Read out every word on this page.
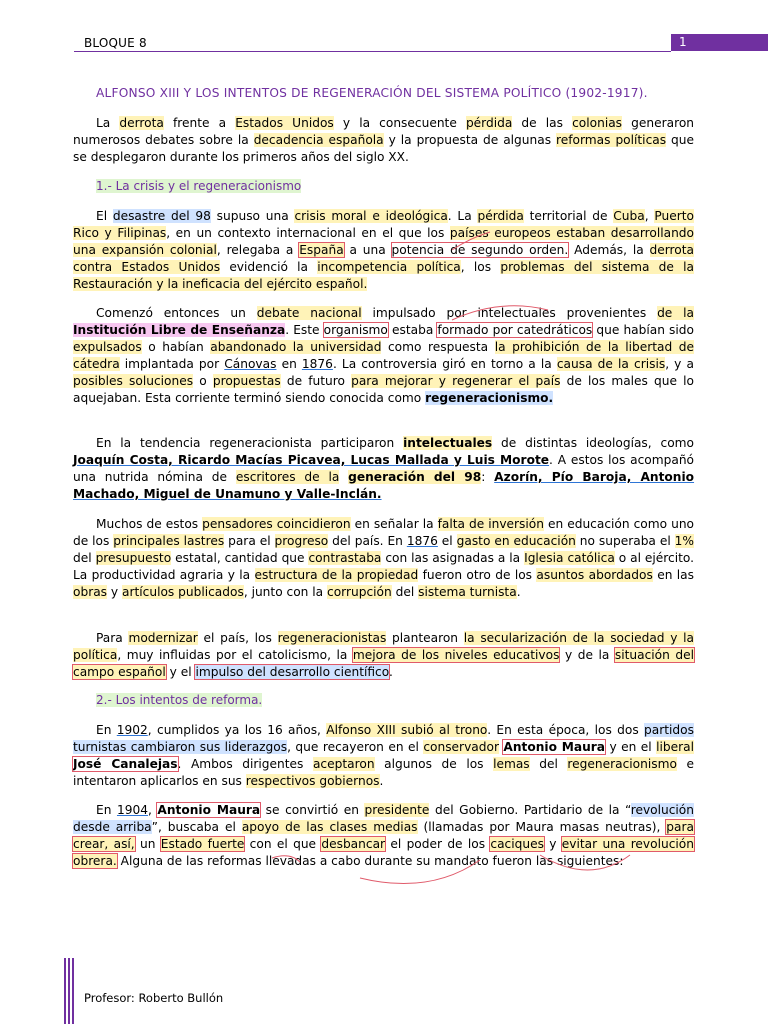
BLOQUE 8	1
ALFONSO XIII Y LOS INTENTOS DE REGENERACIÓN DEL SISTEMA POLÍTICO (1902-1917).
La derrota frente a Estados Unidos y la consecuente pérdida de las colonias generaron numerosos debates sobre la decadencia española y la propuesta de algunas reformas políticas que se desplegaron durante los primeros años del siglo XX.
1.- La crisis y el regeneracionismo
El desastre del 98 supuso una crisis moral e ideológica. La pérdida territorial de Cuba, Puerto Rico y Filipinas, en un contexto internacional en el que los países europeos estaban desarrollando una expansión colonial, relegaba a España a una potencia de segundo orden. Además, la derrota contra Estados Unidos evidenció la incompetencia política, los problemas del sistema de la Restauración y la ineficacia del ejército español.
Comenzó entonces un debate nacional impulsado por intelectuales provenientes de la Institución Libre de Enseñanza. Este organismo estaba formado por catedráticos que habían sido expulsados o habían abandonado la universidad como respuesta la prohibición de la libertad de cátedra implantada por Cánovas en 1876. La controversia giró en torno a la causa de la crisis, y a posibles soluciones o propuestas de futuro para mejorar y regenerar el país de los males que lo aquejaban. Esta corriente terminó siendo conocida como regeneracionismo.
En la tendencia regeneracionista participaron intelectuales de distintas ideologías, como Joaquín Costa, Ricardo Macías Picavea, Lucas Mallada y Luis Morote. A estos los acompañó una nutrida nómina de escritores de la generación del 98: Azorín, Pío Baroja, Antonio Machado, Miguel de Unamuno y Valle-Inclán.
Muchos de estos pensadores coincidieron en señalar la falta de inversión en educación como uno de los principales lastres para el progreso del país. En 1876 el gasto en educación no superaba el 1% del presupuesto estatal, cantidad que contrastaba con las asignadas a la Iglesia católica o al ejército. La productividad agraria y la estructura de la propiedad fueron otro de los asuntos abordados en las obras y artículos publicados, junto con la corrupción del sistema turnista.
Para modernizar el país, los regeneracionistas plantearon la secularización de la sociedad y la política, muy influidas por el catolicismo, la mejora de los niveles educativos y de la situación del campo español y el impulso del desarrollo científico.
2.- Los intentos de reforma.
En 1902, cumplidos ya los 16 años, Alfonso XIII subió al trono. En esta época, los dos partidos turnistas cambiaron sus liderazgos, que recayeron en el conservador Antonio Maura y en el liberal José Canalejas. Ambos dirigentes aceptaron algunos de los lemas del regeneracionismo e intentaron aplicarlos en sus respectivos gobiernos.
En 1904, Antonio Maura se convirtió en presidente del Gobierno. Partidario de la “revolución desde arriba”, buscaba el apoyo de las clases medias (llamadas por Maura masas neutras), para crear, así, un Estado fuerte con el que desbancar el poder de los caciques y evitar una revolución obrera. Alguna de las reformas llevadas a cabo durante su mandato fueron las siguientes:
Profesor: Roberto Bullón
